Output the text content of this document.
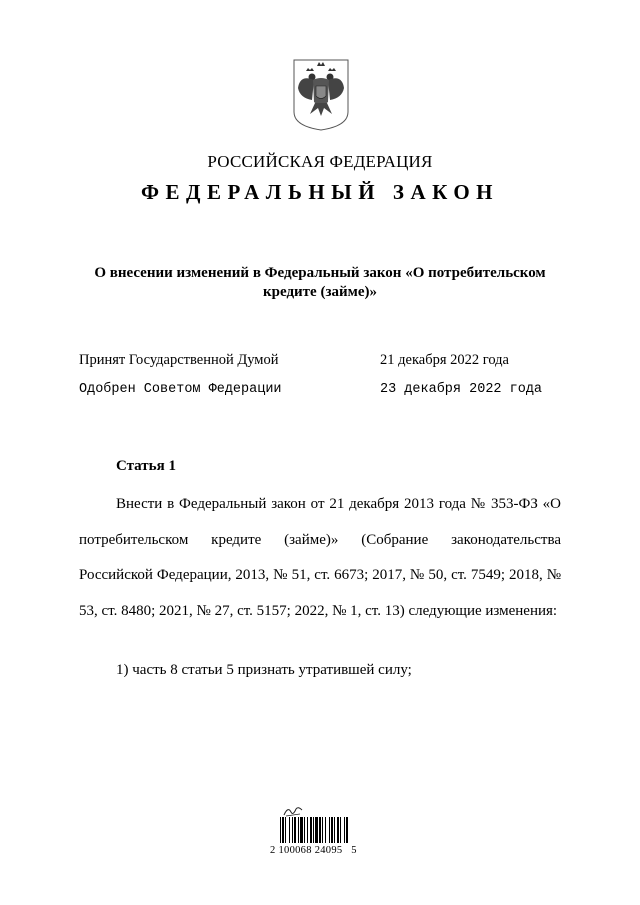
РОССИЙСКАЯ ФЕДЕРАЦИЯ
ФЕДЕРАЛЬНЫЙ ЗАКОН
О внесении изменений в Федеральный закон «О потребительском
кредите (займе)»
Принят Государственной Думой	21 декабря 2022 года
Одобрен Советом Федерации	23 декабря 2022 года
Статья 1

Внести в Федеральный закон от 21 декабря 2013 года № 353-ФЗ «О потребительском кредите (займе)» (Собрание законодательства Российской Федерации, 2013, № 51, ст. 6673; 2017, № 50, ст. 7549; 2018, № 53, ст. 8480; 2021, № 27, ст. 5157; 2022, № 1, ст. 13) следующие изменения:

1) часть 8 статьи 5 признать утратившей силу;
2 100068 24095   5
